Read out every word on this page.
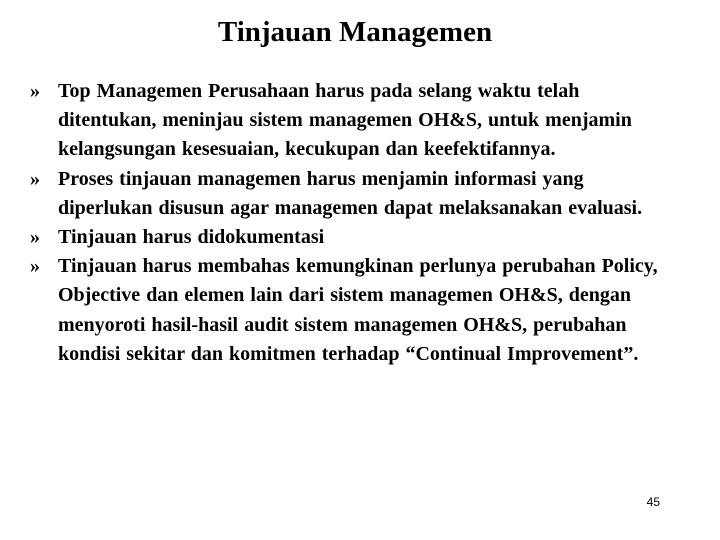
Tinjauan Managemen
» Top Managemen Perusahaan harus pada selang waktu telah ditentukan, meninjau sistem managemen OH&S, untuk menjamin kelangsungan kesesuaian, kecukupan dan keefektifannya.
» Proses tinjauan managemen harus menjamin informasi yang diperlukan disusun agar managemen dapat melaksanakan evaluasi.
» Tinjauan harus didokumentasi
» Tinjauan harus membahas kemungkinan perlunya perubahan Policy, Objective dan elemen lain dari sistem managemen OH&S, dengan menyoroti hasil-hasil audit sistem managemen OH&S, perubahan kondisi sekitar dan komitmen terhadap “Continual Improvement”.
45
